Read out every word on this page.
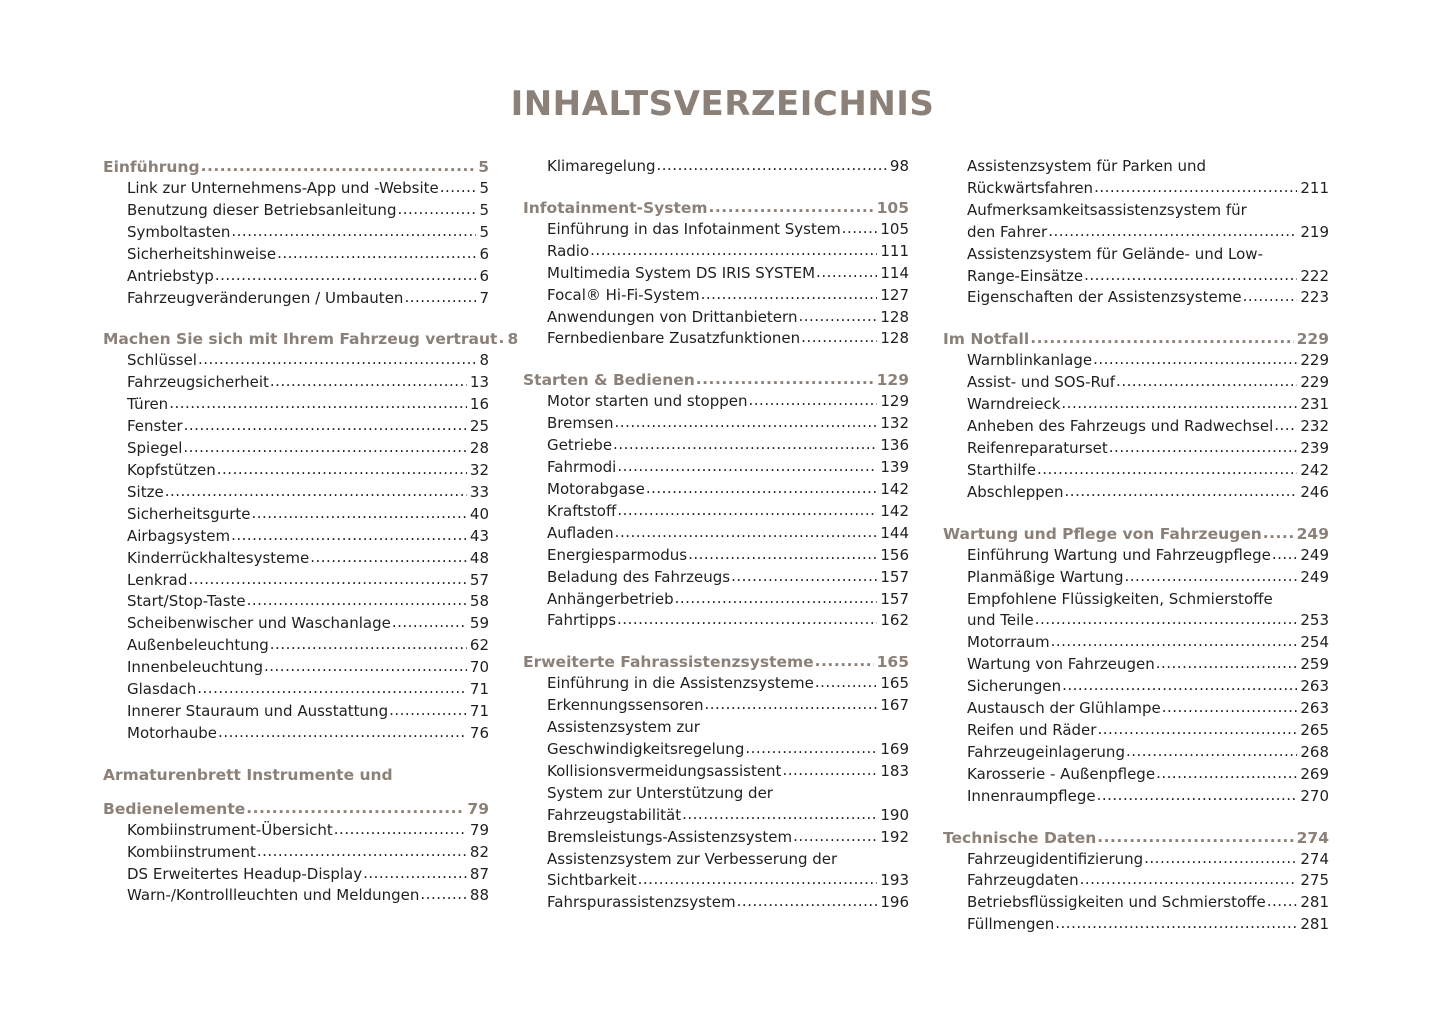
INHALTSVERZEICHNIS
Einführung .....	5
Link zur Unternehmens-App und -Website .....	5
Benutzung dieser Betriebsanleitung .....	5
Symboltasten .....	5
Sicherheitshinweise .....	6
Antriebstyp .....	6
Fahrzeugveränderungen / Umbauten .....	7
Machen Sie sich mit Ihrem Fahrzeug vertraut ..... 8
Schlüssel .....	8
Fahrzeugsicherheit .....	13
Türen .....	16
Fenster .....	25
Spiegel .....	28
Kopfstützen .....	32
Sitze .....	33
Sicherheitsgurte .....	40
Airbagsystem .....	43
Kinderrückhaltesysteme .....	48
Lenkrad .....	57
Start/Stop-Taste .....	58
Scheibenwischer und Waschanlage .....	59
Außenbeleuchtung .....	62
Innenbeleuchtung .....	70
Glasdach .....	71
Innerer Stauraum und Ausstattung .....	71
Motorhaube .....	76
Armaturenbrett Instrumente und
Bedienelemente .....	79
Kombiinstrument-Übersicht .....	79
Kombiinstrument .....	82
DS Erweitertes Headup-Display .....	87
Warn-/Kontrollleuchten und Meldungen .....	88
Klimaregelung .....	98
Infotainment-System .....	105
Einführung in das Infotainment System .....	105
Radio .....	111
Multimedia System DS IRIS SYSTEM .....	114
Focal® Hi-Fi-System .....	127
Anwendungen von Drittanbietern .....	128
Fernbedienbare Zusatzfunktionen .....	128
Starten & Bedienen .....	129
Motor starten und stoppen .....	129
Bremsen .....	132
Getriebe .....	136
Fahrmodi .....	139
Motorabgase .....	142
Kraftstoff .....	142
Aufladen .....	144
Energiesparmodus .....	156
Beladung des Fahrzeugs .....	157
Anhängerbetrieb .....	157
Fahrtipps .....	162
Erweiterte Fahrassistenzsysteme .....	165
Einführung in die Assistenzsysteme .....	165
Erkennungssensoren .....	167
Assistenzsystem zur
Geschwindigkeitsregelung .....	169
Kollisionsvermeidungsassistent .....	183
System zur Unterstützung der
Fahrzeugstabilität .....	190
Bremsleistungs-Assistenzsystem .....	192
Assistenzsystem zur Verbesserung der
Sichtbarkeit .....	193
Fahrspurassistenzsystem .....	196
Assistenzsystem für Parken und
Rückwärtsfahren .....	211
Aufmerksamkeitsassistenzsystem für
den Fahrer .....	219
Assistenzsystem für Gelände- und Low-
Range-Einsätze .....	222
Eigenschaften der Assistenzsysteme .....	223
Im Notfall .....	229
Warnblinkanlage .....	229
Assist- und SOS-Ruf .....	229
Warndreieck .....	231
Anheben des Fahrzeugs und Radwechsel ..... 232
Reifenreparaturset .....	239
Starthilfe .....	242
Abschleppen .....	246
Wartung und Pflege von Fahrzeugen ..... 249
Einführung Wartung und Fahrzeugpflege ..... 249
Planmäßige Wartung .....	249
Empfohlene Flüssigkeiten, Schmierstoffe
und Teile .....	253
Motorraum .....	254
Wartung von Fahrzeugen .....	259
Sicherungen .....	263
Austausch der Glühlampe .....	263
Reifen und Räder .....	265
Fahrzeugeinlagerung .....	268
Karosserie - Außenpflege .....	269
Innenraumpflege .....	270
Technische Daten .....	274
Fahrzeugidentifizierung .....	274
Fahrzeugdaten .....	275
Betriebsflüssigkeiten und Schmierstoffe ..... 281
Füllmengen .....	281
